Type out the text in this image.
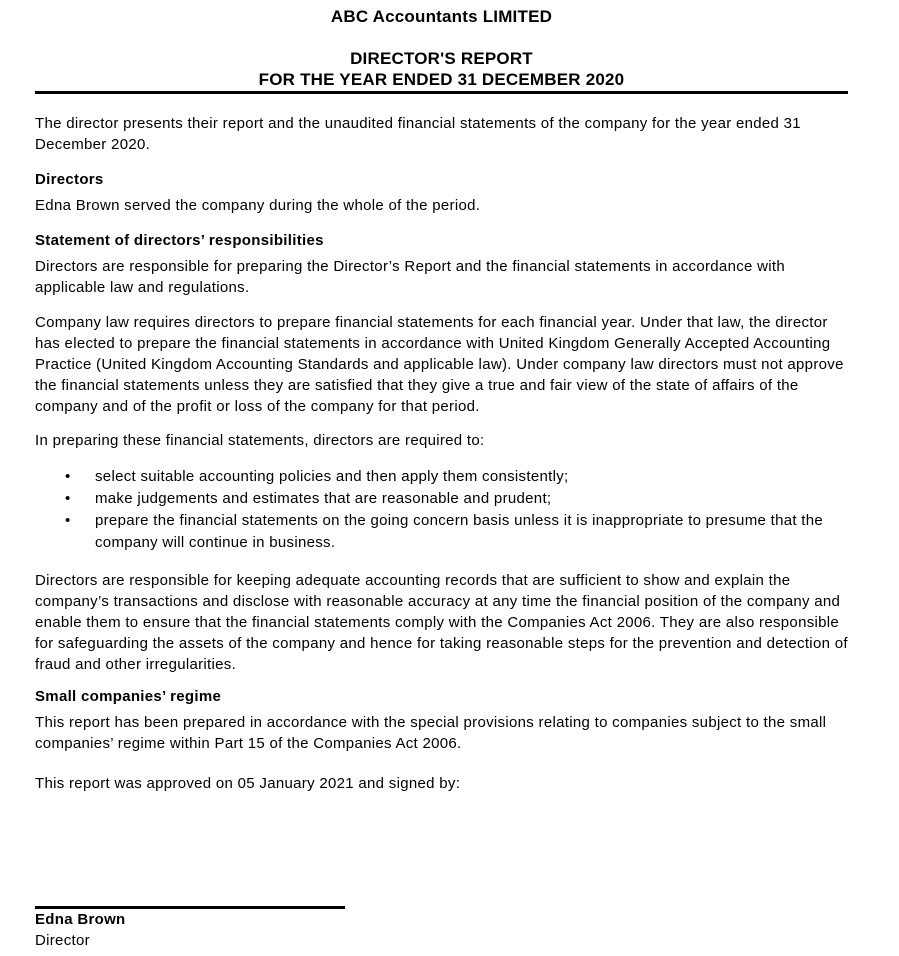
ABC Accountants LIMITED
DIRECTOR'S REPORT
FOR THE YEAR ENDED 31 DECEMBER 2020

The director presents their report and the unaudited financial statements of the company for the year ended 31 December 2020.

Directors

Edna Brown served the company during the whole of the period.

Statement of directors’ responsibilities

Directors are responsible for preparing the Director’s Report and the financial statements in accordance with applicable law and regulations.

Company law requires directors to prepare financial statements for each financial year. Under that law, the director has elected to prepare the financial statements in accordance with United Kingdom Generally Accepted Accounting Practice (United Kingdom Accounting Standards and applicable law). Under company law directors must not approve the financial statements unless they are satisfied that they give a true and fair view of the state of affairs of the company and of the profit or loss of the company for that period.

In preparing these financial statements, directors are required to:

• select suitable accounting policies and then apply them consistently;
• make judgements and estimates that are reasonable and prudent;
• prepare the financial statements on the going concern basis unless it is inappropriate to presume that the company will continue in business.

Directors are responsible for keeping adequate accounting records that are sufficient to show and explain the company’s transactions and disclose with reasonable accuracy at any time the financial position of the company and enable them to ensure that the financial statements comply with the Companies Act 2006. They are also responsible for safeguarding the assets of the company and hence for taking reasonable steps for the prevention and detection of fraud and other irregularities.

Small companies’ regime

This report has been prepared in accordance with the special provisions relating to companies subject to the small companies’ regime within Part 15 of the Companies Act 2006.

This report was approved on 05 January 2021 and signed by:

Edna Brown
Director
